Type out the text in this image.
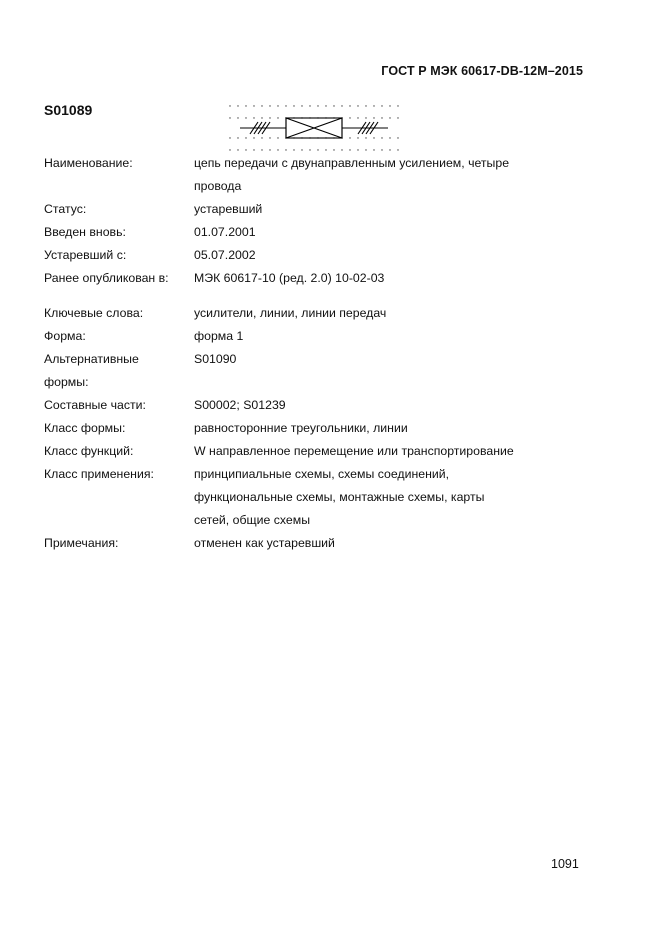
ГОСТ Р МЭК 60617-DB-12M–2015
S01089
Наименование:	цепь передачи с двунаправленным усилением, четыре
провода
Статус:	устаревший
Введен вновь:	01.07.2001
Устаревший с:	05.07.2002
Ранее опубликован в:	МЭК 60617-10 (ред. 2.0) 10-02-03
Ключевые слова:	усилители, линии, линии передач
Форма:	форма 1
Альтернативные	S01090
формы:
Составные части:	S00002; S01239
Класс формы:	равносторонние треугольники, линии
Класс функций:	W направленное перемещение или транспортирование
Класс применения:	принципиальные схемы, схемы соединений,
функциональные схемы, монтажные схемы, карты
сетей, общие схемы
Примечания:	отменен как устаревший
1091
